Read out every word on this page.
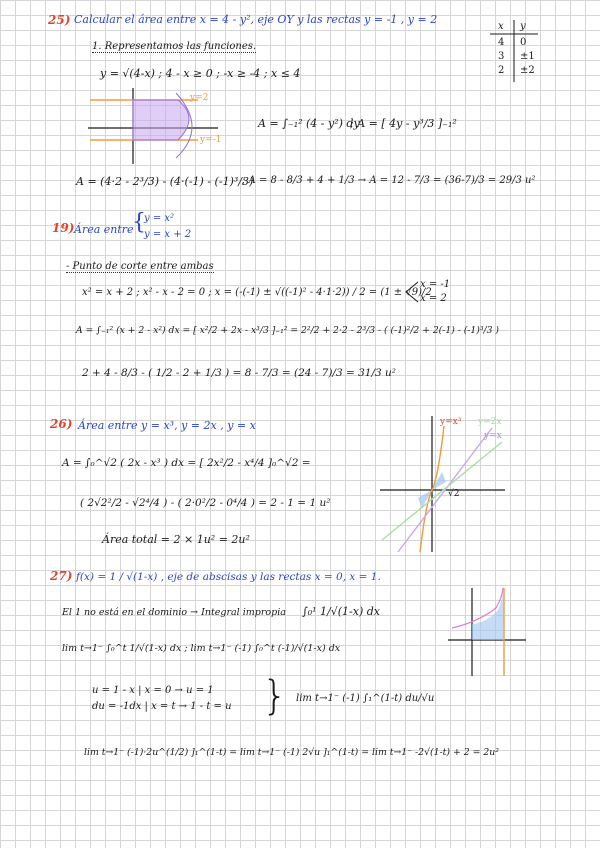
25) Calcular el área entre x = 4 - y², eje OY y las rectas y = -1 , y = 2
1. Representamos las funciones.
y = √(4-x) ; 4 - x ≥ 0 ; -x ≥ -4 ; x ≤ 4
x y
4 0
3 ±1
2 ±2
y=2
y=-1
A = ∫₋₁² (4 - y²) dy
; A = [ 4y - y³/3 ]₋₁²
A = (4·2 - 2³/3) - (4·(-1) - (-1)³/3)
; A = 8 - 8/3 + 4 + 1/3 → A = 12 - 7/3 = (36-7)/3 = 29/3 u²
19) Área entre
{
y = x²
y = x + 2
- Punto de corte entre ambas
x² = x + 2 ; x² - x - 2 = 0 ; x = (-(-1) ± √((-1)² - 4·1·2)) / 2 = (1 ± √9)/2
x = -1
x = 2
A = ∫₋₁² (x + 2 - x²) dx = [ x²/2 + 2x - x³/3 ]₋₁² = 2²/2 + 2·2 - 2³/3 - ( (-1)²/2 + 2(-1) - (-1)³/3 )
2 + 4 - 8/3 - ( 1/2 - 2 + 1/3 ) = 8 - 7/3 = (24 - 7)/3 = 31/3 u²
26) Área entre y = x³, y = 2x , y = x
A = ∫₀^√2 ( 2x - x³ ) dx = [ 2x²/2 - x⁴/4 ]₀^√2 =
( 2√2²/2 - √2⁴/4 ) - ( 2·0²/2 - 0⁴/4 ) = 2 - 1 = 1 u²
Área total = 2 × 1u² = 2u²
y=x³ y=2x
y=x
√2
27) f(x) = 1 / √(1-x) , eje de abscisas y las rectas x = 0, x = 1.
El 1 no está en el dominio → Integral impropia ∫₀¹ 1/√(1-x) dx
lim t→1⁻ ∫₀^t 1/√(1-x) dx ; lim t→1⁻ (-1) ∫₀^t (-1)/√(1-x) dx
u = 1 - x | x = 0 → u = 1
du = -1dx | x = t → 1 - t = u } lim t→1⁻ (-1) ∫₁^(1-t) du/√u
lim t→1⁻ (-1)·2u^(1/2) ]₁^(1-t) = lim t→1⁻ (-1) 2√u ]₁^(1-t) = lim t→1⁻ -2√(1-t) + 2 = 2u²
